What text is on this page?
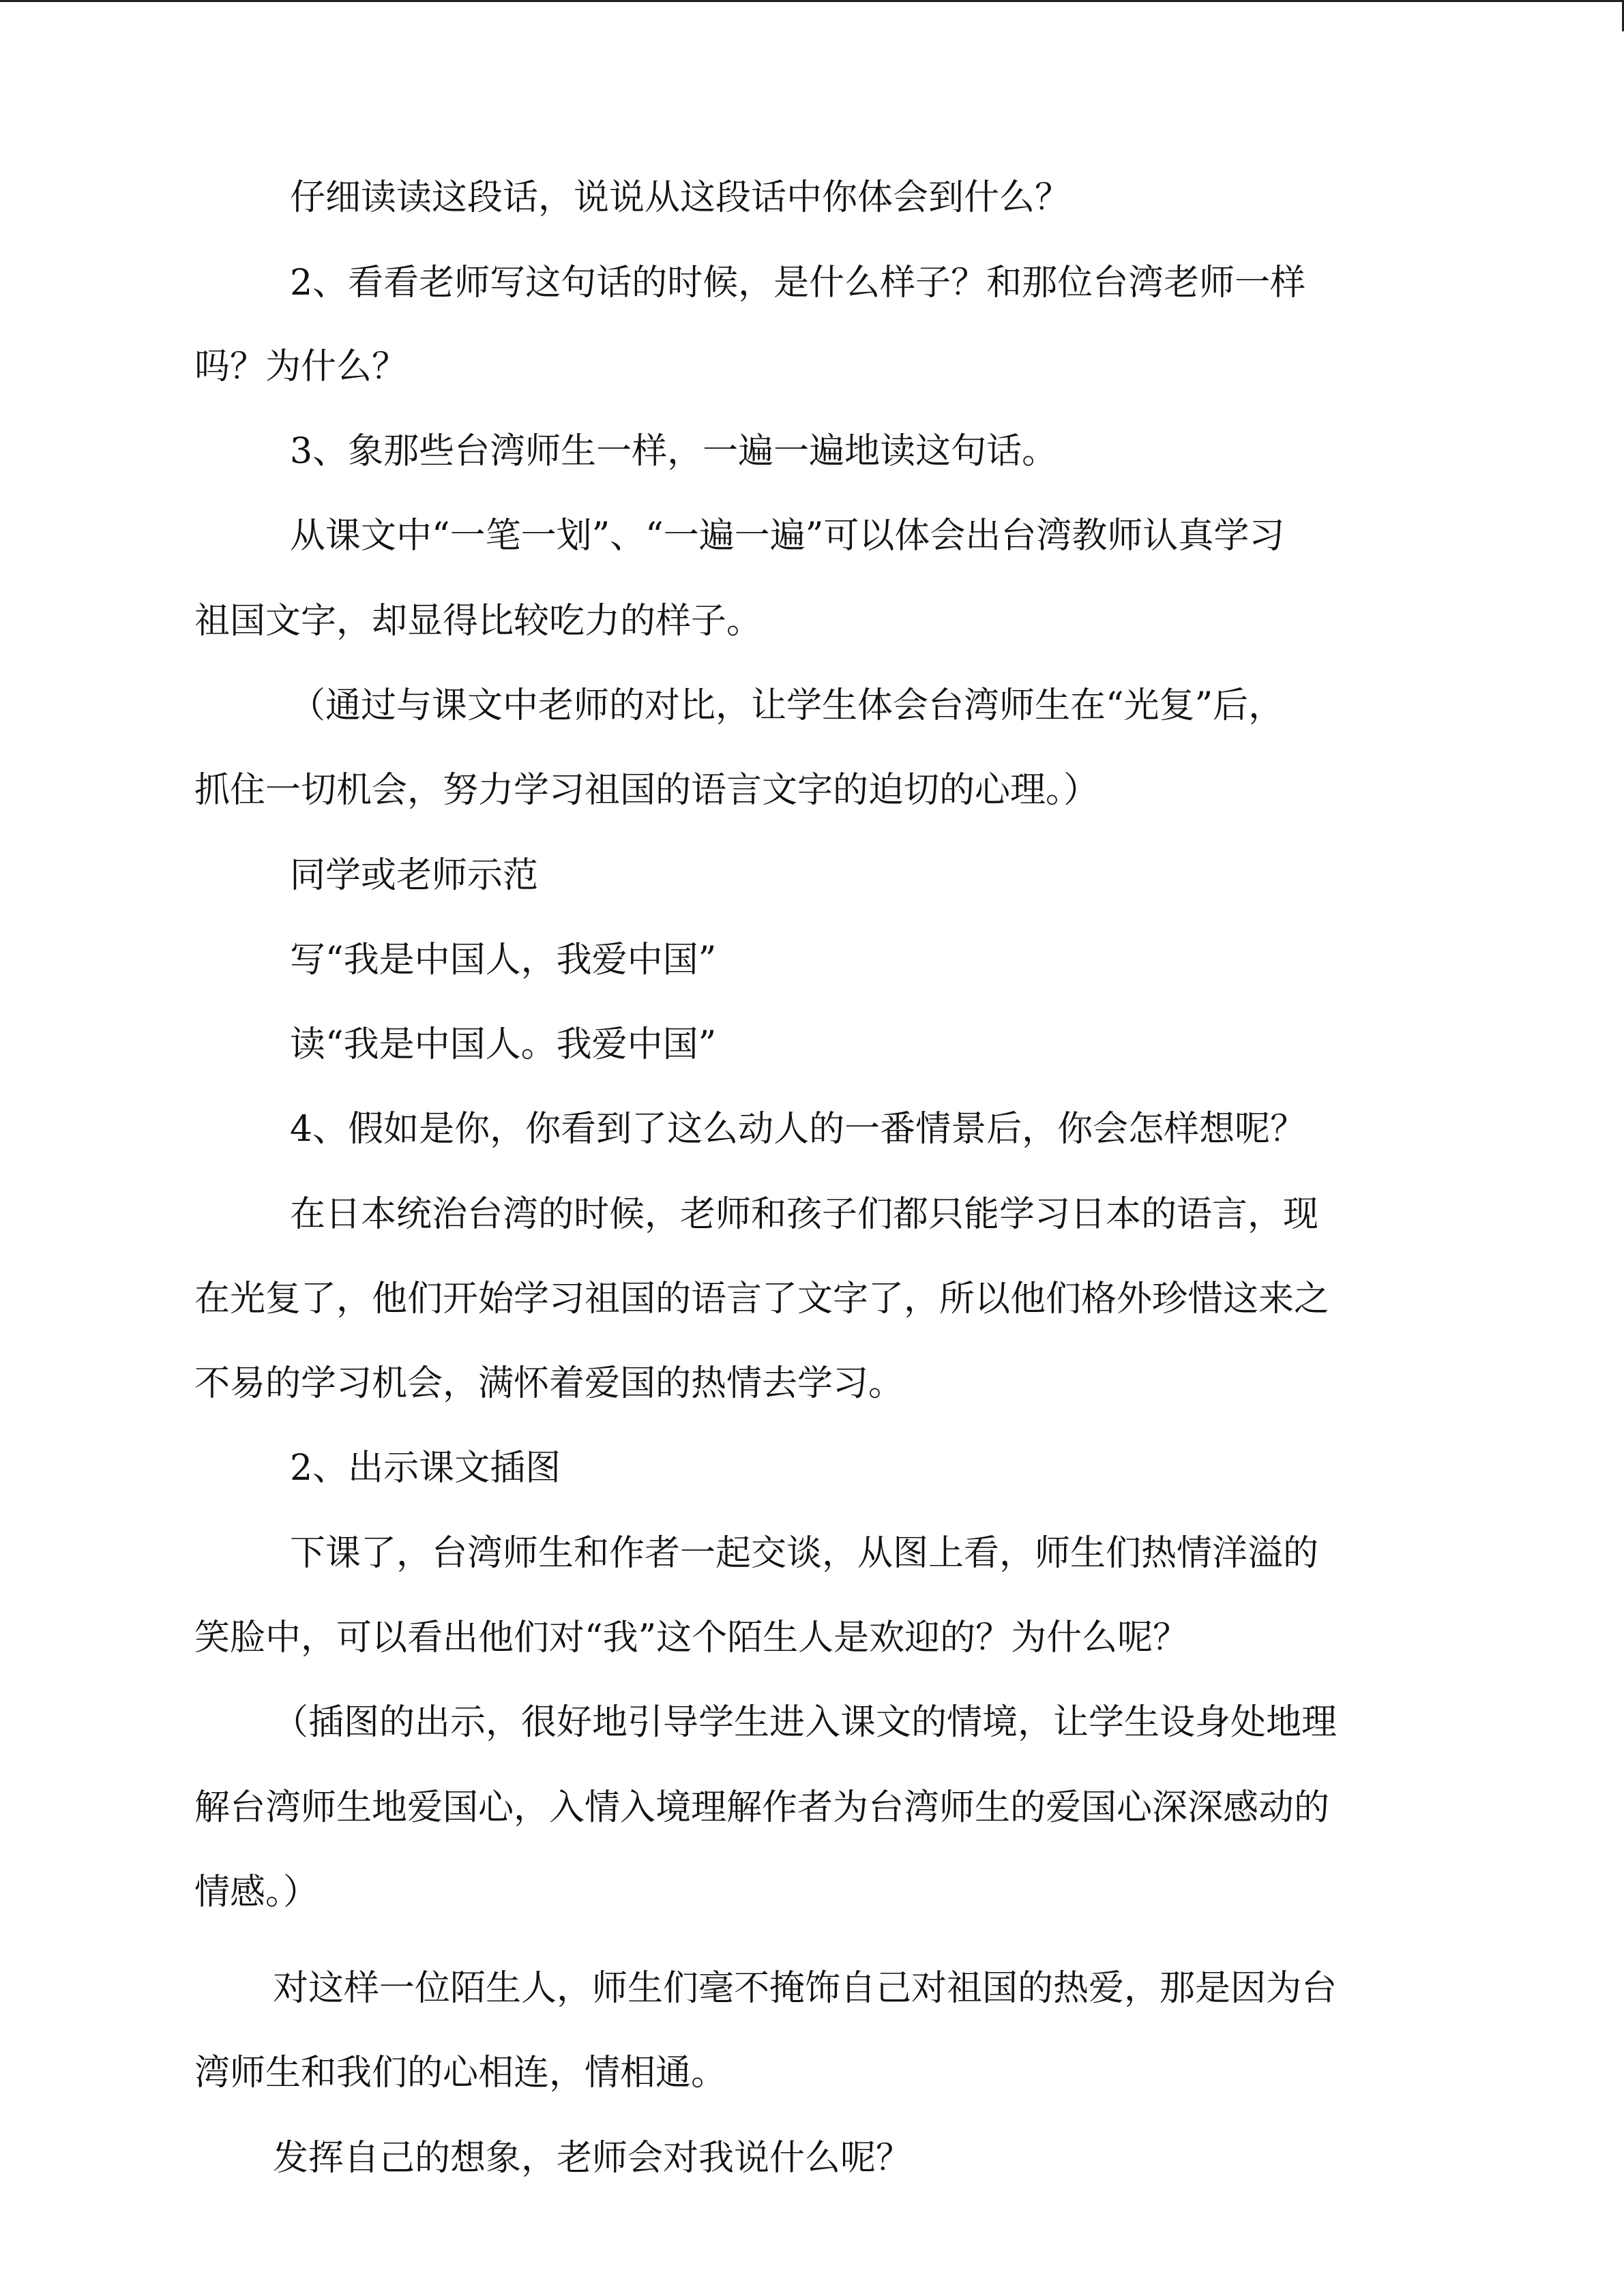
仔细读读这段话，说说从这段话中你体会到什么？
2、看看老师写这句话的时候，是什么样子？和那位台湾老师一样
吗？为什么？
3、象那些台湾师生一样，一遍一遍地读这句话。
从课文中“一笔一划”、“一遍一遍”可以体会出台湾教师认真学习
祖国文字，却显得比较吃力的样子。
（通过与课文中老师的对比，让学生体会台湾师生在“光复”后，
抓住一切机会，努力学习祖国的语言文字的迫切的心理。）
同学或老师示范
写“我是中国人，我爱中国”
读“我是中国人。我爱中国”
4、假如是你，你看到了这么动人的一番情景后，你会怎样想呢？
在日本统治台湾的时候，老师和孩子们都只能学习日本的语言，现
在光复了，他们开始学习祖国的语言了文字了，所以他们格外珍惜这来之
不易的学习机会，满怀着爱国的热情去学习。
2、出示课文插图
下课了，台湾师生和作者一起交谈，从图上看，师生们热情洋溢的
笑脸中，可以看出他们对“我”这个陌生人是欢迎的？为什么呢？
（插图的出示，很好地引导学生进入课文的情境，让学生设身处地理
解台湾师生地爱国心，入情入境理解作者为台湾师生的爱国心深深感动的
情感。）
对这样一位陌生人，师生们毫不掩饰自己对祖国的热爱，那是因为台
湾师生和我们的心相连，情相通。
发挥自己的想象，老师会对我说什么呢？
